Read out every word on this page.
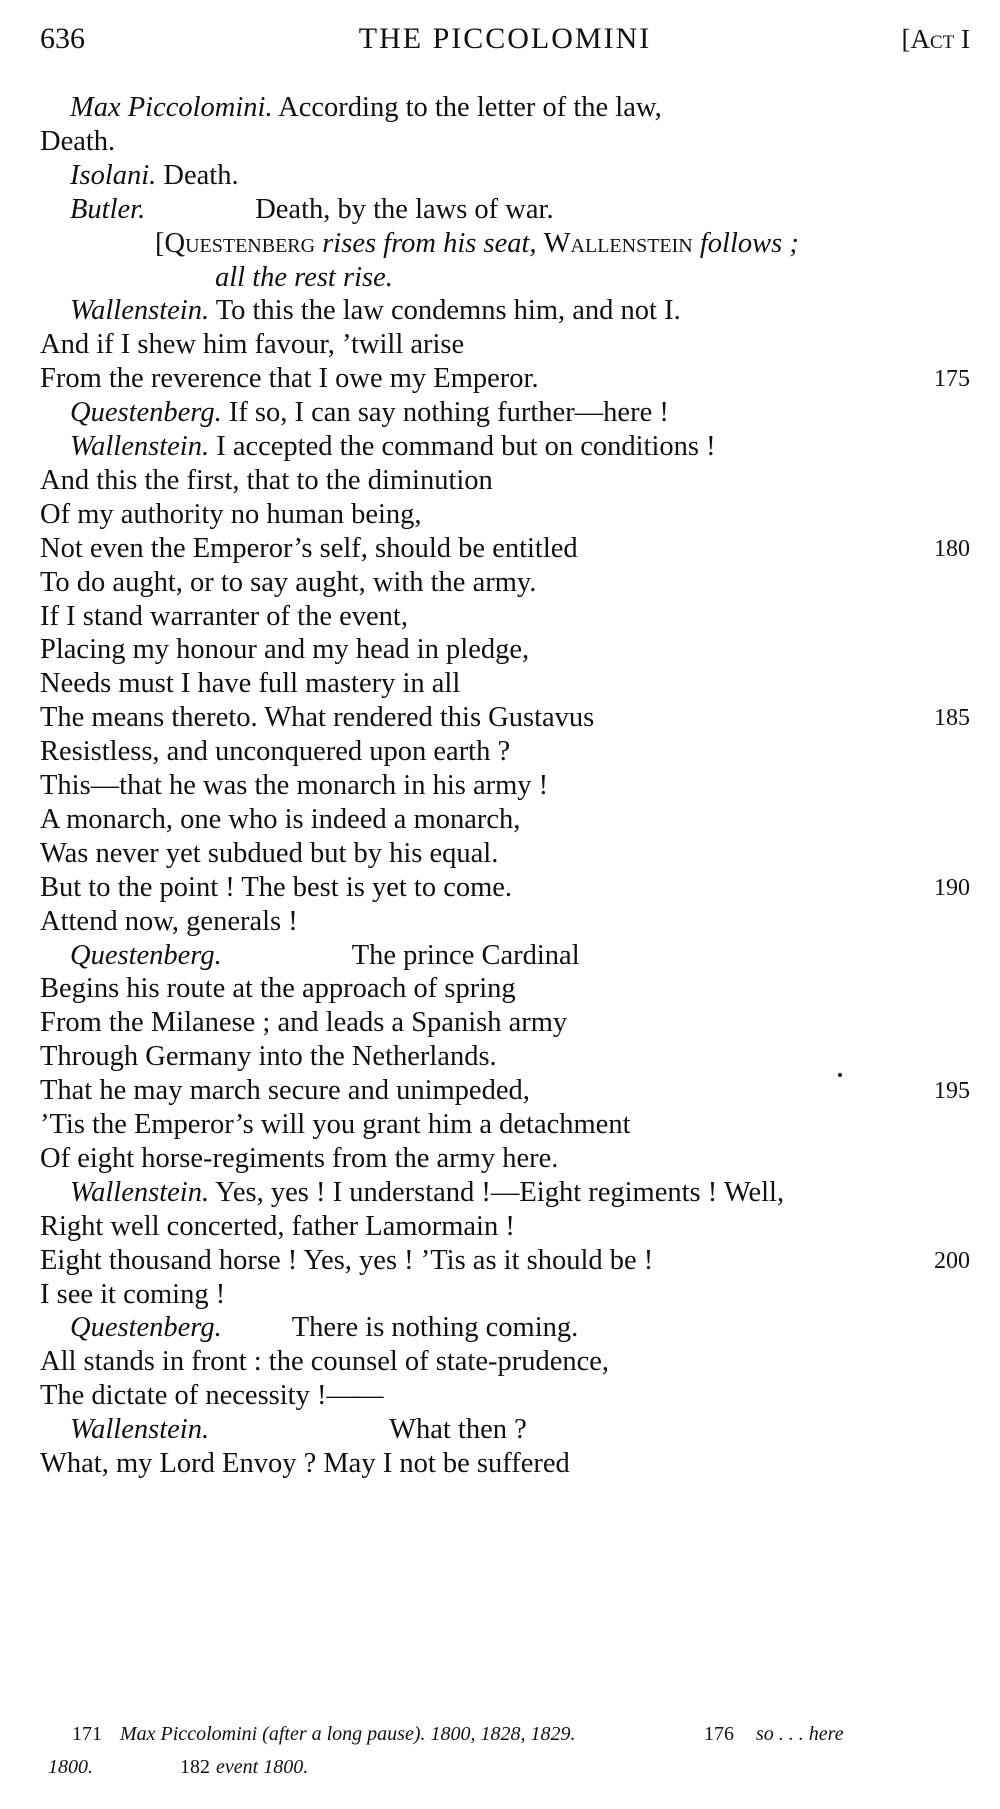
636	THE PICCOLOMINI	[Act I
Max Piccolomini. According to the letter of the law,
Death.
Isolani. Death.
Butler.	Death, by the laws of war.
[Questenberg rises from his seat, Wallenstein follows ;
all the rest rise.
Wallenstein. To this the law condemns him, and not I.
And if I shew him favour, ’twill arise
From the reverence that I owe my Emperor.	175
Questenberg. If so, I can say nothing further—here !
Wallenstein. I accepted the command but on conditions !
And this the first, that to the diminution
Of my authority no human being,
Not even the Emperor’s self, should be entitled	180
To do aught, or to say aught, with the army.
If I stand warranter of the event,
Placing my honour and my head in pledge,
Needs must I have full mastery in all
The means thereto. What rendered this Gustavus	185
Resistless, and unconquered upon earth ?
This—that he was the monarch in his army !
A monarch, one who is indeed a monarch,
Was never yet subdued but by his equal.
But to the point ! The best is yet to come.	190
Attend now, generals !
Questenberg.	The prince Cardinal
Begins his route at the approach of spring
From the Milanese ; and leads a Spanish army
Through Germany into the Netherlands.
That he may march secure and unimpeded,	195
’Tis the Emperor’s will you grant him a detachment
Of eight horse-regiments from the army here.
Wallenstein. Yes, yes ! I understand !—Eight regiments ! Well,
Right well concerted, father Lamormain !
Eight thousand horse ! Yes, yes ! ’Tis as it should be !	200
I see it coming !
Questenberg. There is nothing coming.
All stands in front : the counsel of state-prudence,
The dictate of necessity !——
Wallenstein.	What then ?
What, my Lord Envoy ? May I not be suffered
171 Max Piccolomini (after a long pause). 1800, 1828, 1829.	176 so . . . here
1800.	182 event 1800.
